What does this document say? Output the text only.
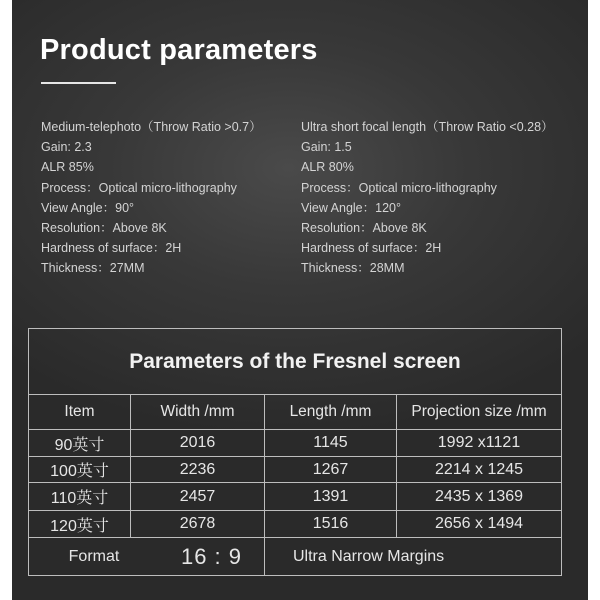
Product parameters
Medium-telephoto（Throw Ratio >0.7）
Gain: 2.3
ALR 85%
Process：Optical micro-lithography
View Angle：90°
Resolution：Above 8K
Hardness of surface：2H
Thickness：27MM
Ultra short focal length（Throw Ratio <0.28）
Gain: 1.5
ALR 80%
Process：Optical micro-lithography
View Angle：120°
Resolution：Above 8K
Hardness of surface：2H
Thickness：28MM
Parameters of the Fresnel screen
Item	Width /mm	Length /mm	Projection size /mm
90英寸	2016	1145	1992 x1121
100英寸	2236	1267	2214 x 1245
110英寸	2457	1391	2435 x 1369
120英寸	2678	1516	2656 x 1494
Format	16 : 9	Ultra Narrow Margins
